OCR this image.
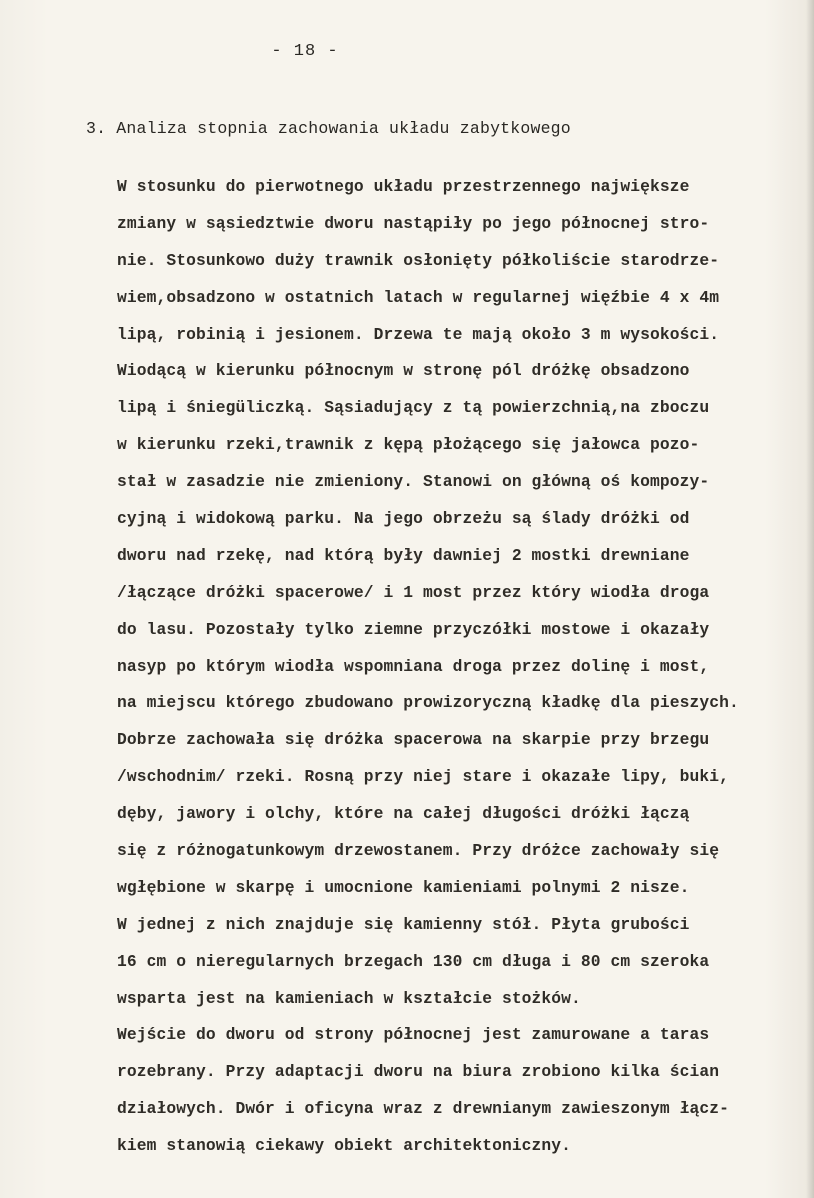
- 18 -
3. Analiza stopnia zachowania układu zabytkowego
W stosunku do pierwotnego układu przestrzennego największe
zmiany w sąsiedztwie dworu nastąpiły po jego północnej stro-
nie. Stosunkowo duży trawnik osłonięty półkoliście starodrze-
wiem,obsadzono w ostatnich latach w regularnej więźbie 4 x 4m
lipą, robinią i jesionem. Drzewa te mają około 3 m wysokości.
Wiodącą w kierunku północnym w stronę pól dróżkę obsadzono
lipą i śniegüliczką. Sąsiadujący z tą powierzchnią,na zboczu
w kierunku rzeki,trawnik z kępą płożącego się jałowca pozo-
stał w zasadzie nie zmieniony. Stanowi on główną oś kompozy-
cyjną i widokową parku. Na jego obrzeżu są ślady dróżki od
dworu nad rzekę, nad którą były dawniej 2 mostki drewniane
/łączące dróżki spacerowe/ i 1 most przez który wiodła droga
do lasu. Pozostały tylko ziemne przyczółki mostowe i okazały
nasyp po którym wiodła wspomniana droga przez dolinę i most,
na miejscu którego zbudowano prowizoryczną kładkę dla pieszych.
Dobrze zachowała się dróżka spacerowa na skarpie przy brzegu
/wschodnim/ rzeki. Rosną przy niej stare i okazałe lipy, buki,
dęby, jawory i olchy, które na całej długości dróżki łączą
się z różnogatunkowym drzewostanem. Przy dróżce zachowały się
wgłębione w skarpę i umocnione kamieniami polnymi 2 nisze.
W jednej z nich znajduje się kamienny stół. Płyta grubości
16 cm o nieregularnych brzegach 130 cm długa i 80 cm szeroka
wsparta jest na kamieniach w kształcie stożków.
Wejście do dworu od strony północnej jest zamurowane a taras
rozebrany. Przy adaptacji dworu na biura zrobiono kilka ścian
działowych. Dwór i oficyna wraz z drewnianym zawieszonym łącz-
kiem stanowią ciekawy obiekt architektoniczny.
